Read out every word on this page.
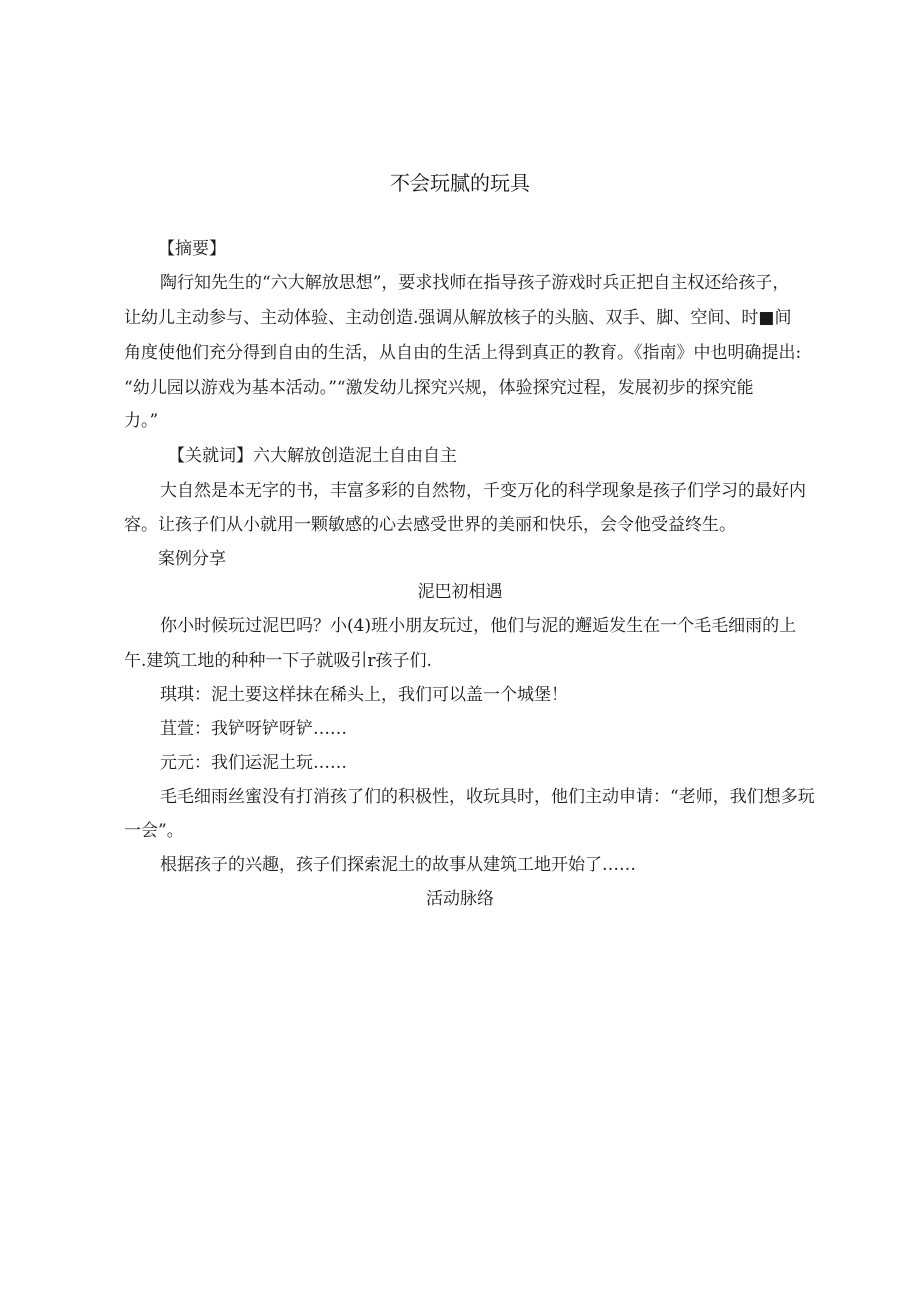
不会玩腻的玩具
【摘要】
陶行知先生的“六大解放思想”，要求找师在指导孩子游戏时兵正把自主权还给孩子，
让幼儿主动参与、主动体验、主动创造.强调从解放核子的头脑、双手、脚、空间、时■间
角度使他们充分得到自由的生活，从自由的生活上得到真正的教育。《指南》中也明确提出:
“幼儿园以游戏为基本活动。”“激发幼儿探究兴规，体验探究过程，发展初步的探究能
力。”
【关就词】六大解放创造泥土自由自主
大自然是本无字的书，丰富多彩的自然物，千变万化的科学现象是孩子们学习的最好内
容。让孩子们从小就用一颗敏感的心去感受世界的美丽和快乐，会令他受益终生。
案例分享
泥巴初相遇
你小时候玩过泥巴吗？小(4)班小朋友玩过，他们与泥的邂逅发生在一个毛毛细雨的上
午.建筑工地的种种一下子就吸引r孩子们.
琪琪：泥土要这样抹在稀头上，我们可以盖一个城堡！
苴萱：我铲呀铲呀铲……
元元：我们运泥土玩……
毛毛细雨丝蜜没有打消孩了们的积极性，收玩具时，他们主动申请：“老师，我们想多玩
一会”。
根据孩子的兴趣，孩子们探索泥土的故事从建筑工地开始了……
活动脉络
